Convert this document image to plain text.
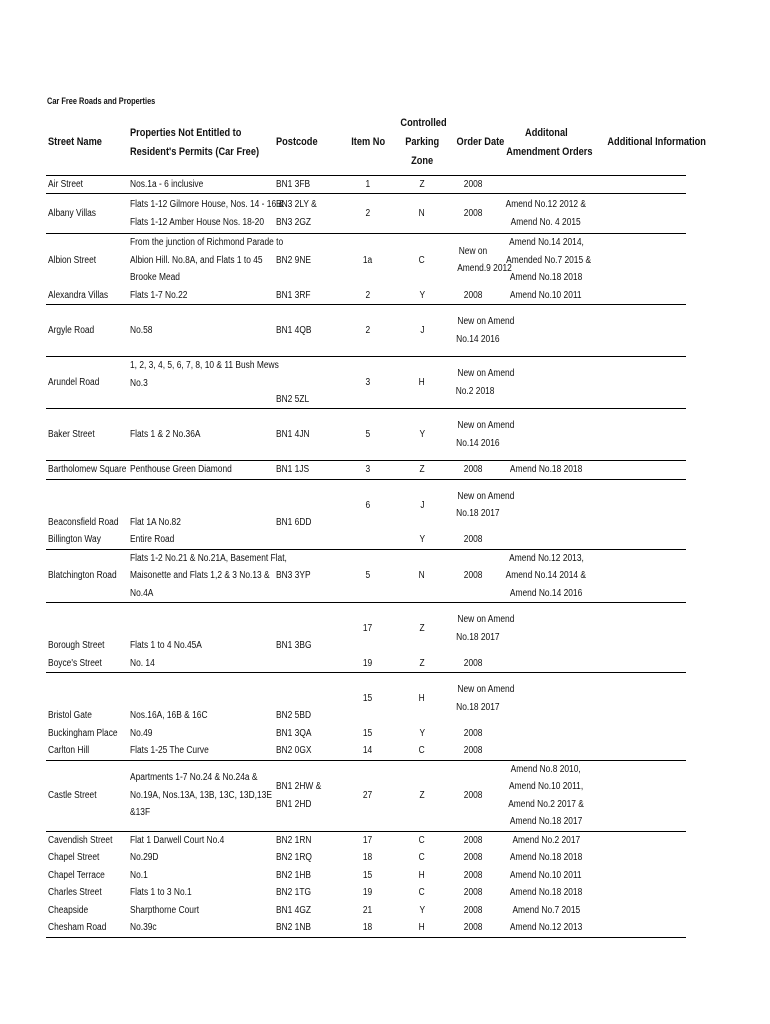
Car Free Roads and Properties
Street Name	Properties Not Entitled to
Resident's Permits (Car Free)	Postcode	Item No	Controlled
Parking
Zone	Order Date	Additonal
Amendment Orders	Additional Information
Air Street	Nos.1a - 6 inclusive	BN1 3FB	1	Z	2008		
Albany Villas	Flats 1-12 Gilmore House, Nos. 14 - 16 &
Flats 1-12 Amber House Nos. 18-20	BN3 2LY &
BN3 2GZ	2	N	2008	Amend No.12 2012 &
Amend No. 4 2015	
Albion Street	From the junction of Richmond Parade to
Albion Hill. No.8A, and Flats 1 to 45
Brooke Mead	BN2 9NE	1a	C	New on
Amend.9 2012	Amend No.14 2014,
Amended No.7 2015 &
Amend No.18 2018	
Alexandra Villas	Flats 1-7 No.22	BN1 3RF	2	Y	2008	Amend No.10 2011	
Argyle Road	No.58	BN1 4QB	2	J	New on Amend
No.14 2016		
Arundel Road	1, 2, 3, 4, 5, 6, 7, 8, 10 & 11 Bush Mews
No.3	BN2 5ZL	3	H	New on Amend
No.2 2018		
Baker Street	Flats 1 & 2 No.36A	BN1 4JN	5	Y	New on Amend
No.14 2016		
Bartholomew Square	Penthouse Green Diamond	BN1 1JS	3	Z	2008	Amend No.18 2018	
Beaconsfield Road	Flat 1A No.82	BN1 6DD	6	J	New on Amend
No.18 2017		
Billington Way	Entire Road			Y	2008		
Blatchington Road	Flats 1-2 No.21 & No.21A, Basement Flat,
Maisonette and Flats 1,2 & 3 No.13 &
No.4A	BN3 3YP	5	N	2008	Amend No.12 2013,
Amend No.14 2014 &
Amend No.14 2016	
Borough Street	Flats 1 to 4 No.45A	BN1 3BG	17	Z	New on Amend
No.18 2017		
Boyce's Street	No. 14		19	Z	2008		
Bristol Gate	Nos.16A, 16B & 16C	BN2 5BD	15	H	New on Amend
No.18 2017		
Buckingham Place	No.49	BN1 3QA	15	Y	2008		
Carlton Hill	Flats 1-25 The Curve	BN2 0GX	14	C	2008		
Castle Street	Apartments 1-7 No.24 & No.24a &
No.19A, Nos.13A, 13B, 13C, 13D,13E
&13F	BN1 2HW &
BN1 2HD	27	Z	2008	Amend No.8 2010,
Amend No.10 2011,
Amend No.2 2017 &
Amend No.18 2017	
Cavendish Street	Flat 1 Darwell Court No.4	BN2 1RN	17	C	2008	Amend No.2 2017	
Chapel Street	No.29D	BN2 1RQ	18	C	2008	Amend No.18 2018	
Chapel Terrace	No.1	BN2 1HB	15	H	2008	Amend No.10 2011	
Charles Street	Flats 1 to 3 No.1	BN2 1TG	19	C	2008	Amend No.18 2018	
Cheapside	Sharpthorne Court	BN1 4GZ	21	Y	2008	Amend No.7 2015	
Chesham Road	No.39c	BN2 1NB	18	H	2008	Amend No.12 2013	
